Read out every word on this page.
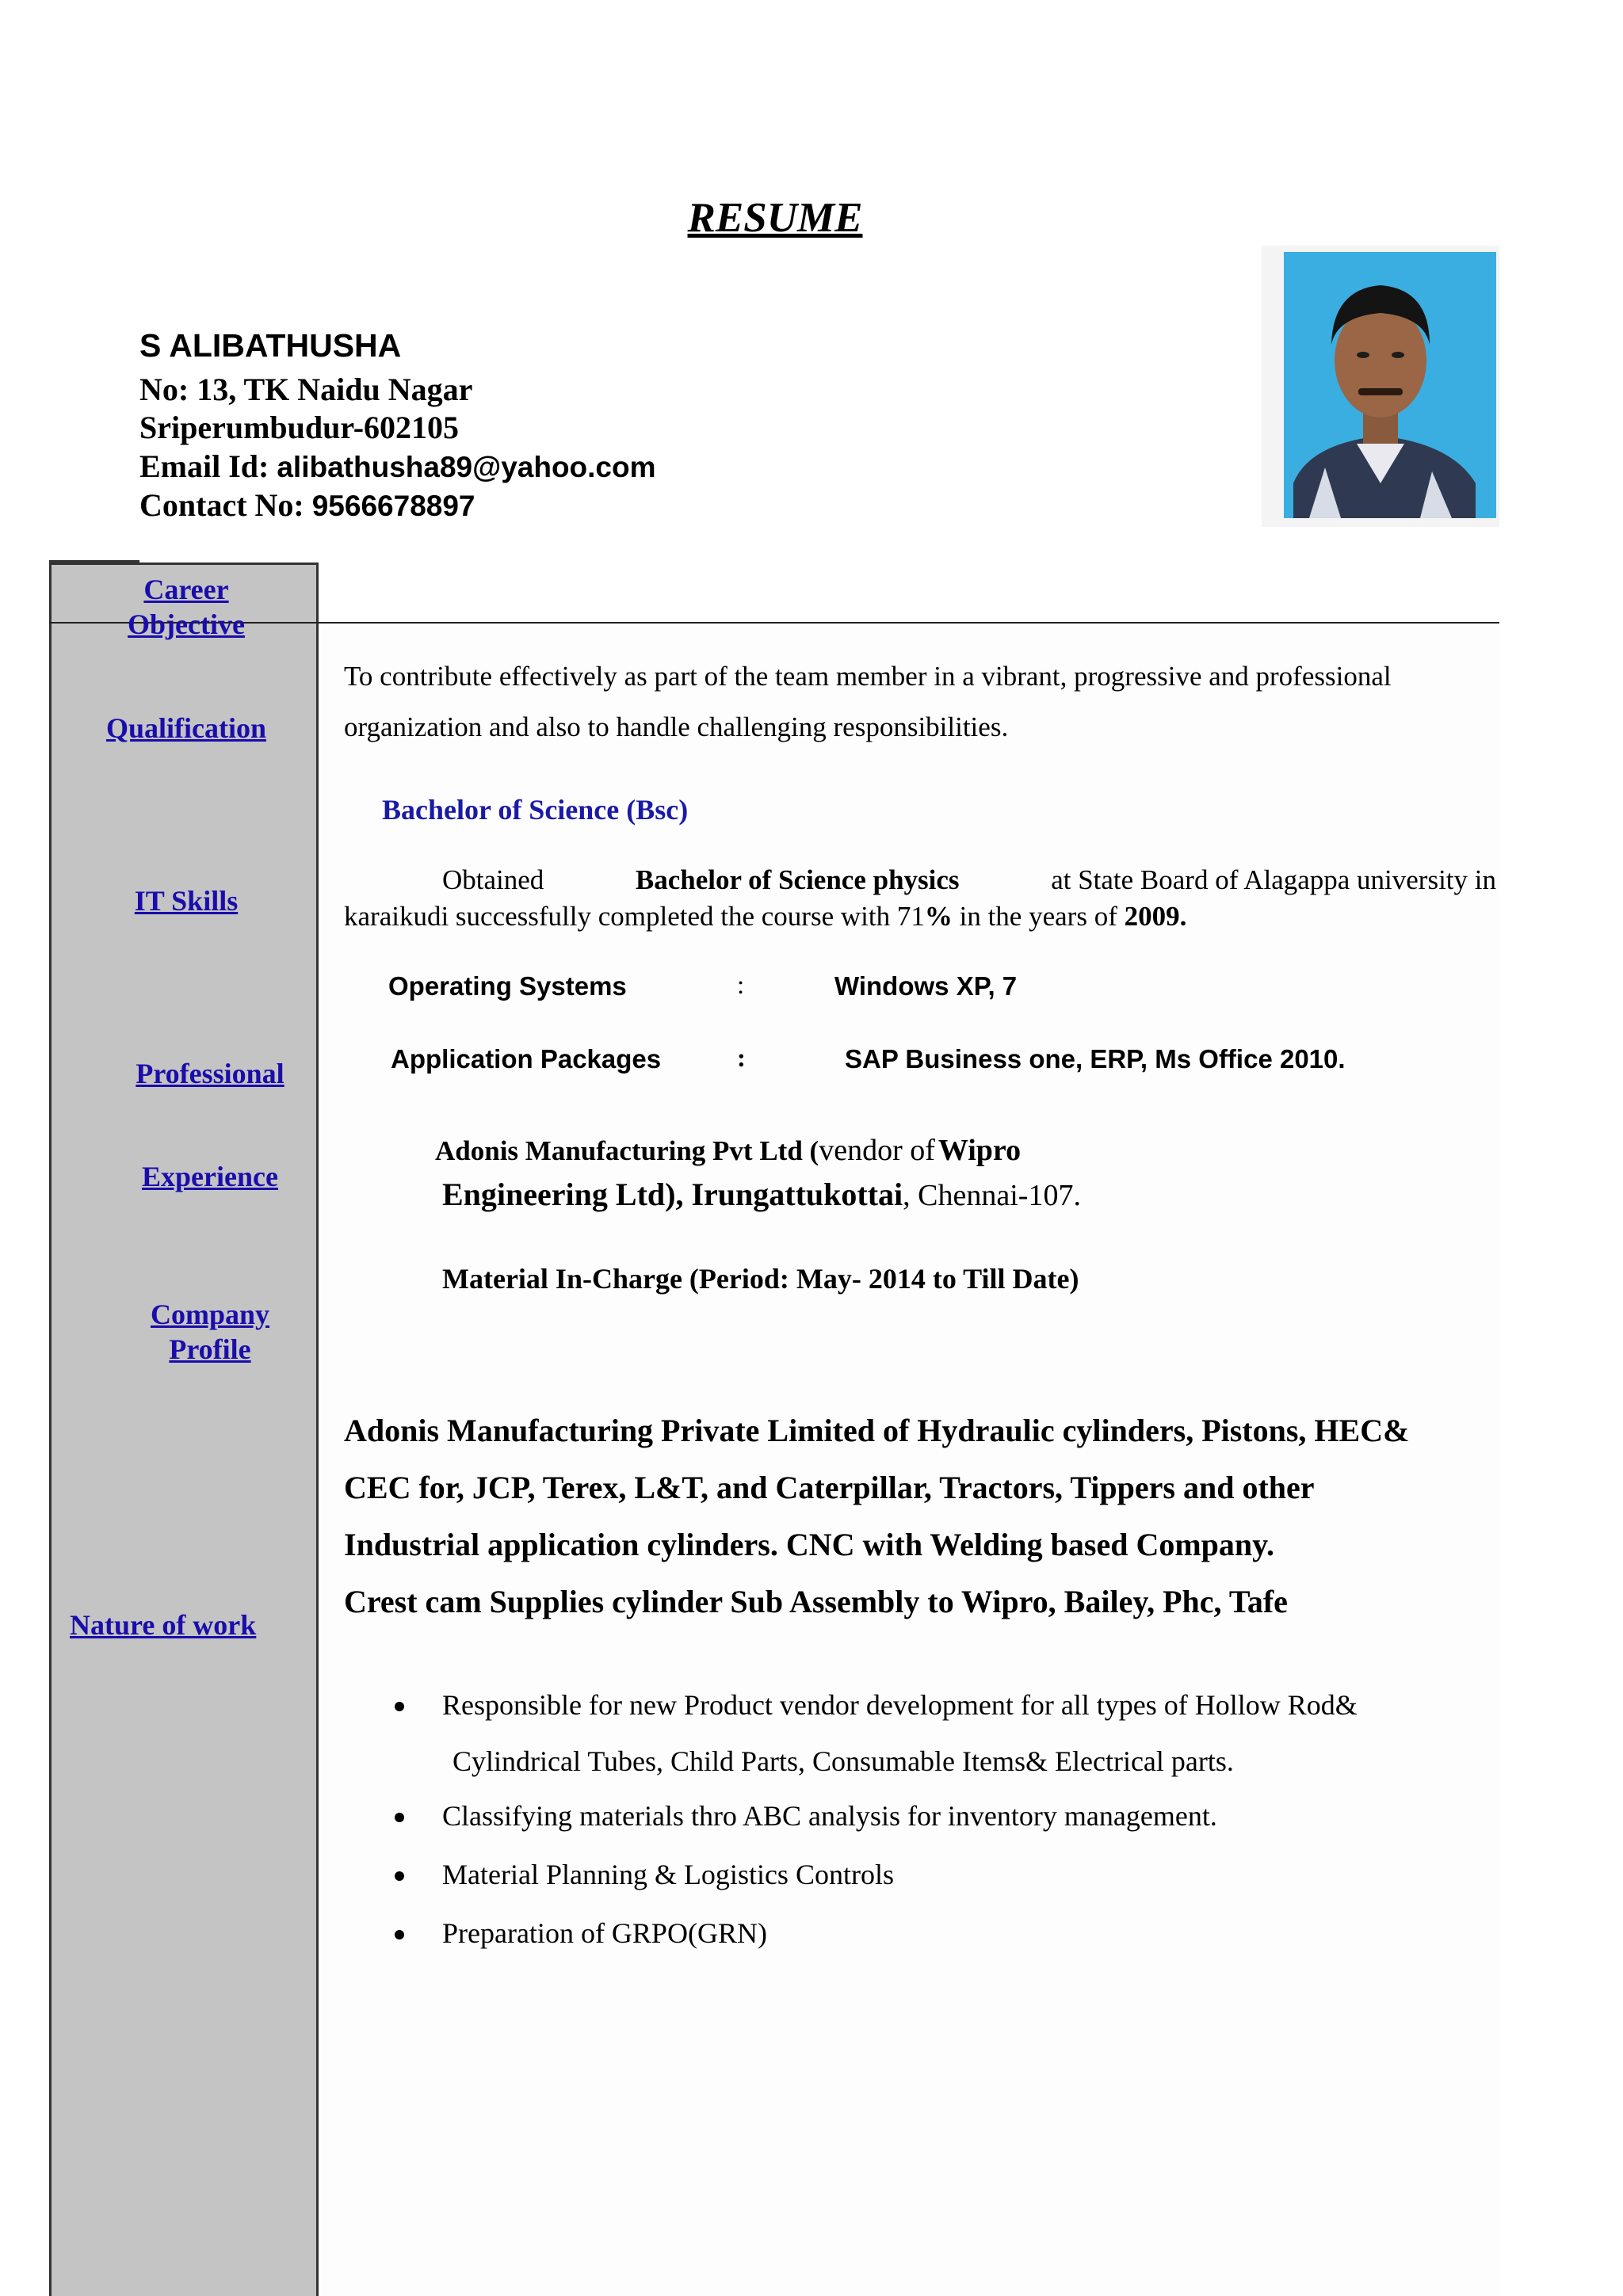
RESUME
S ALIBATHUSHA
No: 13, TK Naidu Nagar
Sriperumbudur-602105
Email Id: alibathusha89@yahoo.com
Contact No: 9566678897
Career
Objective
Qualification
IT Skills
Professional
Experience
Company
Profile
Nature of work
To contribute effectively as part of the team member in a vibrant, progressive and professional
organization and also to handle challenging responsibilities.
Bachelor of Science (Bsc)
Obtained	Bachelor of Science physics	at State Board of Alagappa university in
karaikudi successfully completed the course with 71% in the years of 2009.
Operating Systems	:	Windows XP, 7
Application Packages	:	SAP Business one, ERP, Ms Office 2010.
Adonis Manufacturing Pvt Ltd (vendor of Wipro
Engineering Ltd), Irungattukottai, Chennai-107.
Material In-Charge (Period: May- 2014 to Till Date)
Adonis Manufacturing Private Limited of Hydraulic cylinders, Pistons, HEC&
CEC for, JCP, Terex, L&T, and Caterpillar, Tractors, Tippers and other
Industrial application cylinders. CNC with Welding based Company.
Crest cam Supplies cylinder Sub Assembly to Wipro, Bailey, Phc, Tafe
Responsible for new Product vendor development for all types of Hollow Rod&
Cylindrical Tubes, Child Parts, Consumable Items& Electrical parts.
Classifying materials thro ABC analysis for inventory management.
Material Planning & Logistics Controls
Preparation of GRPO(GRN)
